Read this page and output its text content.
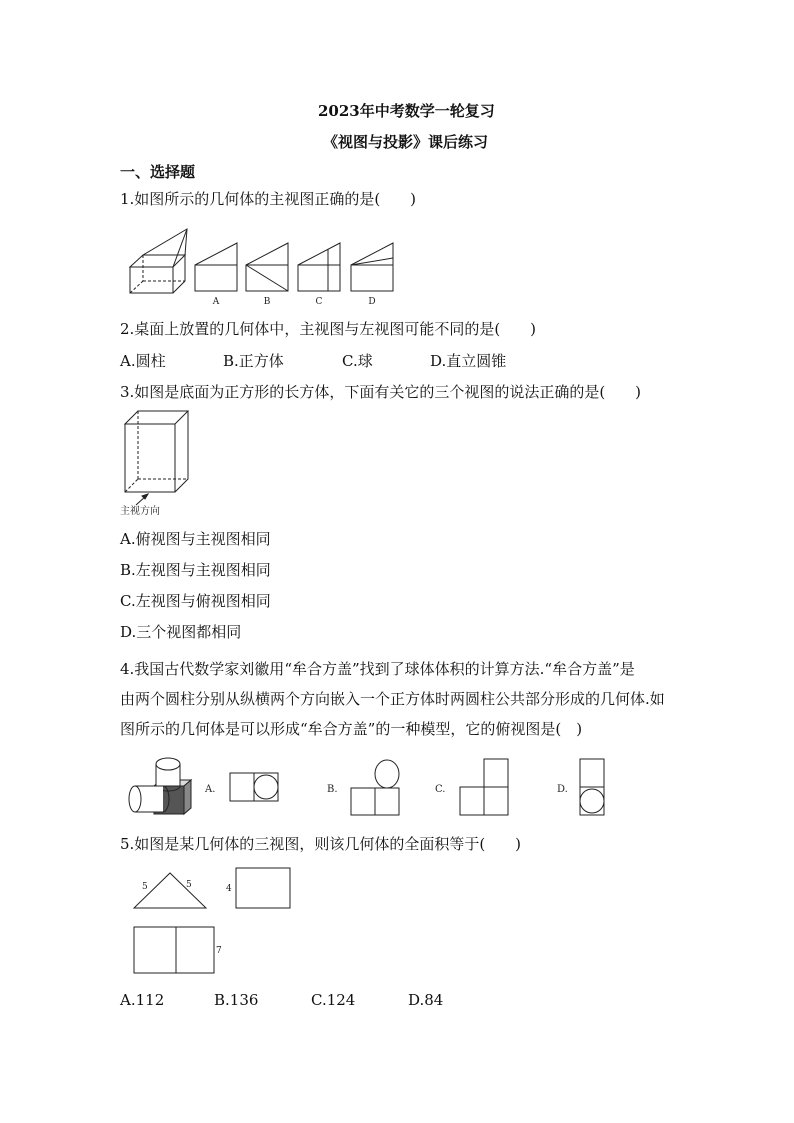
2023年中考数学一轮复习
《视图与投影》课后练习
一、选择题
1.如图所示的几何体的主视图正确的是(　　)
A	B	C	D
2.桌面上放置的几何体中，主视图与左视图可能不同的是(　　)
A.圆柱	B.正方体	C.球	D.直立圆锥
3.如图是底面为正方形的长方体，下面有关它的三个视图的说法正确的是(　　)
主视方向
A.俯视图与主视图相同
B.左视图与主视图相同
C.左视图与俯视图相同
D.三个视图都相同
4.我国古代数学家刘徽用“牟合方盖”找到了球体体积的计算方法.“牟合方盖”是
由两个圆柱分别从纵横两个方向嵌入一个正方体时两圆柱公共部分形成的几何体.如
图所示的几何体是可以形成“牟合方盖”的一种模型，它的俯视图是(　)
A.	B.	C.	D.
5.如图是某几何体的三视图，则该几何体的全面积等于(　　)
5	5	4
7
A.112	B.136	C.124	D.84
